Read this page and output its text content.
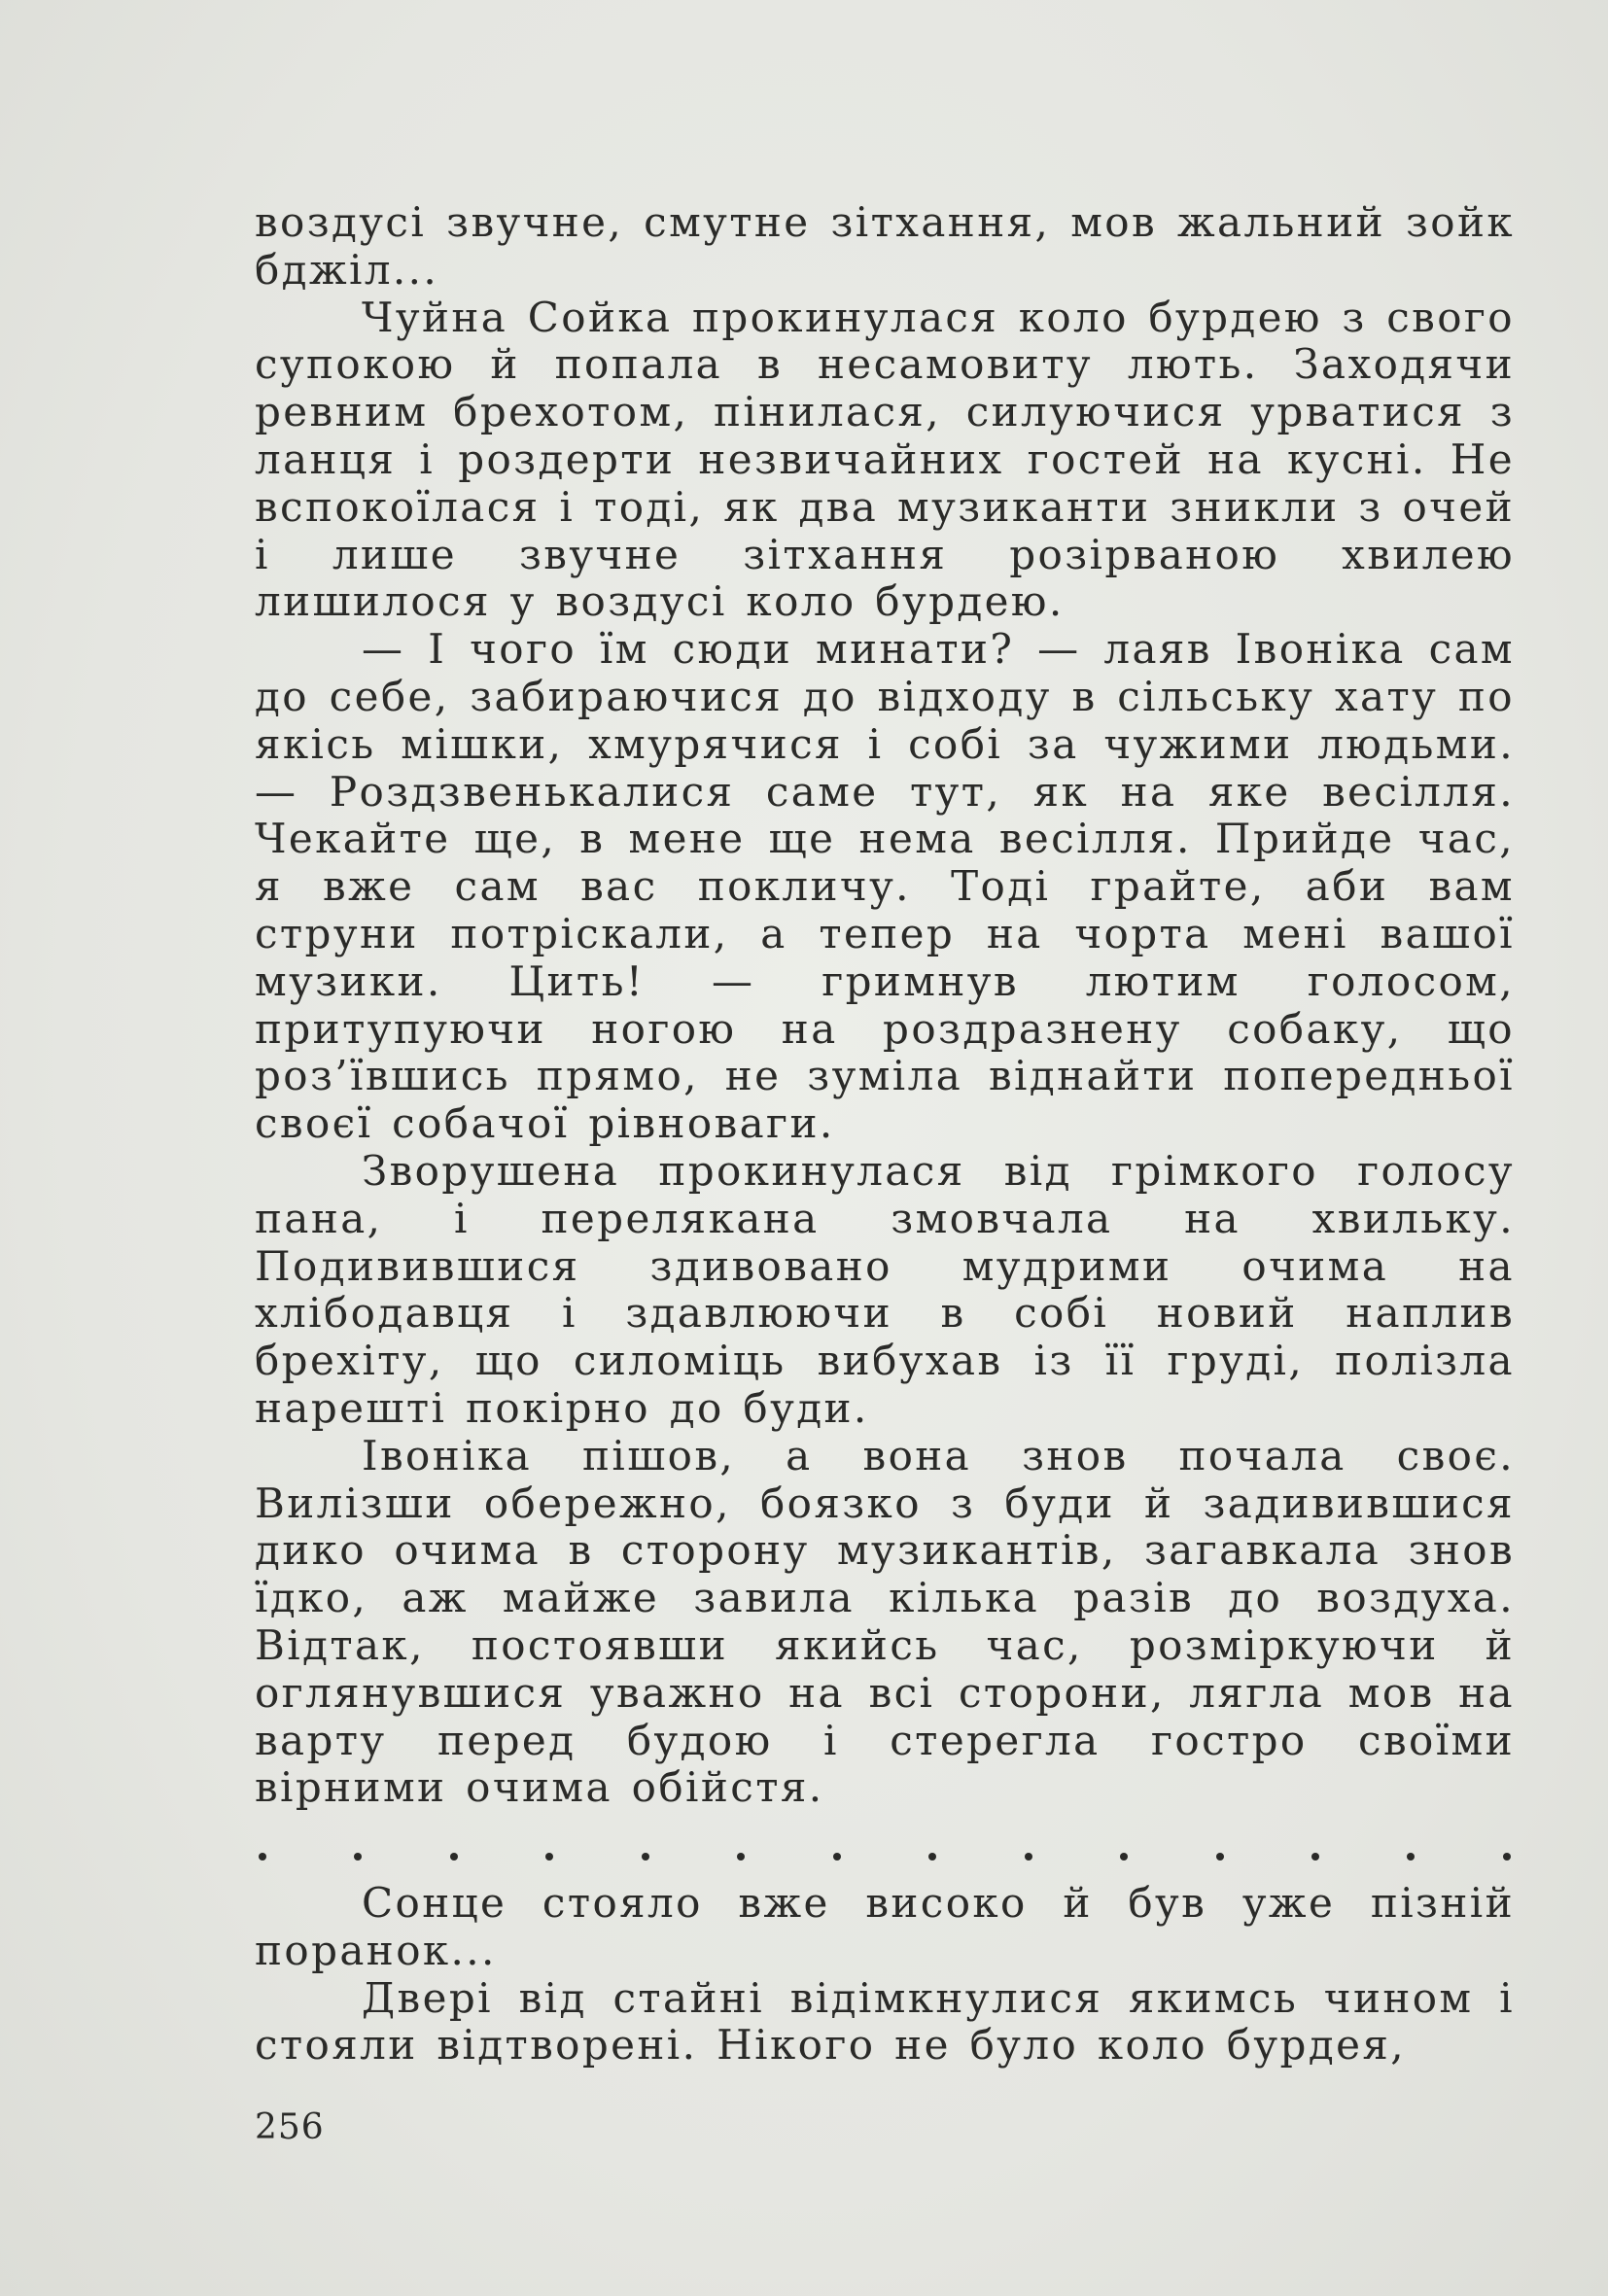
воздусі звучне, смутне зітхання, мов жальний зойк бджіл...

Чуйна Сойка прокинулася коло бурдею з свого супокою й попала в несамовиту лють. Заходячи ревним брехотом, пінилася, силуючися урватися з ланця і роздерти незвичайних гостей на кусні. Не вспокоїлася і тоді, як два музиканти зникли з очей і лише звучне зітхання розірваною хвилею лишилося у воздусі коло бурдею.

— І чого їм сюди минати? — лаяв Івоніка сам до себе, забираючися до відходу в сільську хату по якісь мішки, хмурячися і собі за чужими людьми. — Роздзвенькалися саме тут, як на яке весілля. Чекайте ще, в мене ще нема весілля. Прийде час, я вже сам вас покличу. Тоді грайте, аби вам струни потріскали, а тепер на чорта мені вашої музики. Цить! — гримнув лютим голосом, притупуючи ногою на роздразнену собаку, що роз’ївшись прямо, не зуміла віднайти попередньої своєї собачої рівноваги.

Зворушена прокинулася від грімкого голосу пана, і перелякана змовчала на хвильку. Подивившися здивовано мудрими очима на хлібодавця і здавлюючи в собі новий наплив брехіту, що силоміць вибухав із її груді, полізла нарешті покірно до буди.

Івоніка пішов, а вона знов почала своє. Вилізши обережно, боязко з буди й задивившися дико очима в сторону музикантів, загавкала знов їдко, аж майже завила кілька разів до воздуха. Відтак, постоявши якийсь час, розміркуючи й оглянувшися уважно на всі сторони, лягла мов на варту перед будою і стерегла гостро своїми вірними очима обійстя.

Сонце стояло вже високо й був уже пізній поранок...

Двері від стайні відімкнулися якимсь чином і стояли відтворені. Нікого не було коло бурдея,

256
